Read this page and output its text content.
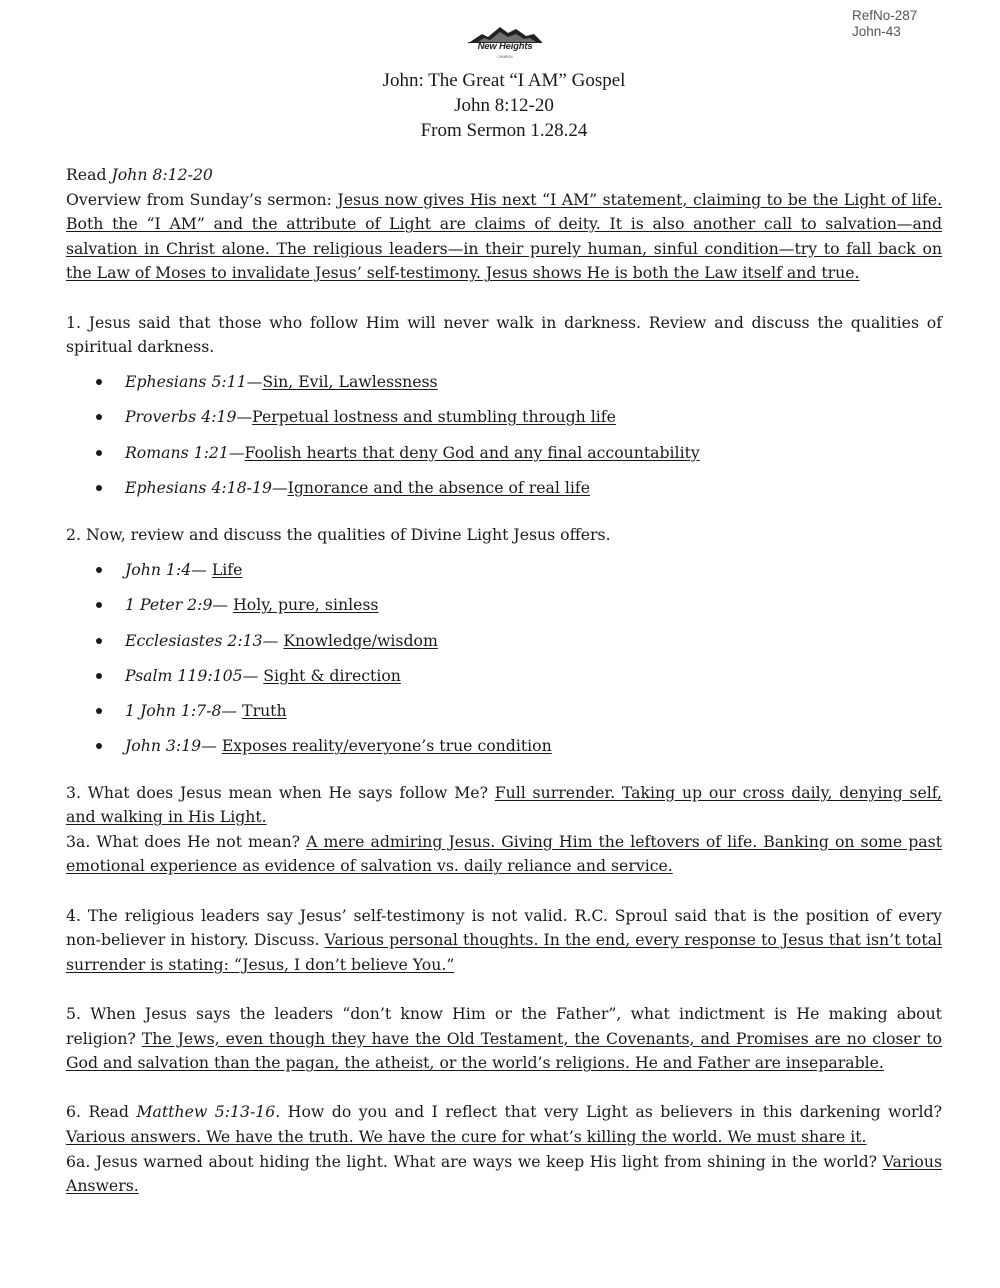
RefNo-287
John-43
New Heights
CHURCH
John: The Great “I AM” Gospel
John 8:12-20
From Sermon 1.28.24
Read John 8:12-20
Overview from Sunday’s sermon: Jesus now gives His next “I AM” statement, claiming to be the Light of life. Both the “I AM” and the attribute of Light are claims of deity. It is also another call to salvation—and salvation in Christ alone. The religious leaders—in their purely human, sinful condition—try to fall back on the Law of Moses to invalidate Jesus’ self-testimony. Jesus shows He is both the Law itself and true.
1. Jesus said that those who follow Him will never walk in darkness. Review and discuss the qualities of spiritual darkness.
Ephesians 5:11—Sin, Evil, Lawlessness
Proverbs 4:19—Perpetual lostness and stumbling through life
Romans 1:21—Foolish hearts that deny God and any final accountability
Ephesians 4:18-19—Ignorance and the absence of real life
2. Now, review and discuss the qualities of Divine Light Jesus offers.
John 1:4— Life
1 Peter 2:9— Holy, pure, sinless
Ecclesiastes 2:13— Knowledge/wisdom
Psalm 119:105— Sight & direction
1 John 1:7-8— Truth
John 3:19— Exposes reality/everyone’s true condition
3. What does Jesus mean when He says follow Me? Full surrender. Taking up our cross daily, denying self, and walking in His Light.
3a. What does He not mean? A mere admiring Jesus. Giving Him the leftovers of life. Banking on some past emotional experience as evidence of salvation vs. daily reliance and service.
4. The religious leaders say Jesus’ self-testimony is not valid. R.C. Sproul said that is the position of every non-believer in history. Discuss. Various personal thoughts. In the end, every response to Jesus that isn’t total surrender is stating: “Jesus, I don’t believe You.”
5. When Jesus says the leaders “don’t know Him or the Father”, what indictment is He making about religion? The Jews, even though they have the Old Testament, the Covenants, and Promises are no closer to God and salvation than the pagan, the atheist, or the world’s religions. He and Father are inseparable.
6. Read Matthew 5:13-16. How do you and I reflect that very Light as believers in this darkening world? Various answers. We have the truth. We have the cure for what’s killing the world. We must share it.
6a. Jesus warned about hiding the light. What are ways we keep His light from shining in the world? Various Answers.
